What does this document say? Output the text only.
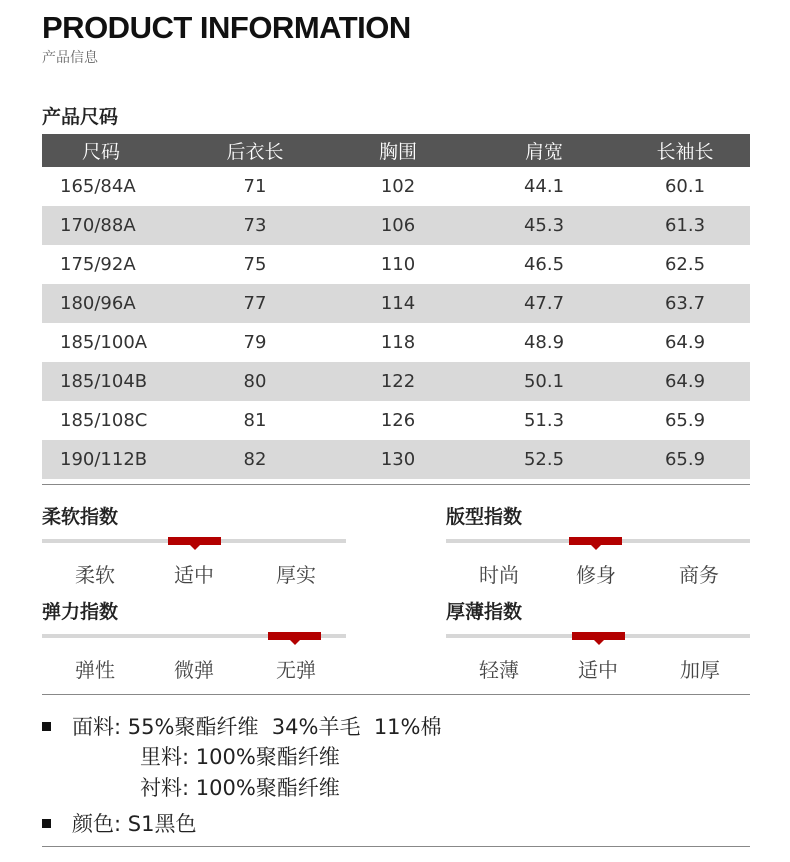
PRODUCT INFORMATION
产品信息
产品尺码
尺码	后衣长	胸围	肩宽	长袖长
165/84A	71	102	44.1	60.1
170/88A	73	106	45.3	61.3
175/92A	75	110	46.5	62.5
180/96A	77	114	47.7	63.7
185/100A	79	118	48.9	64.9
185/104B	80	122	50.1	64.9
185/108C	81	126	51.3	65.9
190/112B	82	130	52.5	65.9
柔软指数
柔软	适中	厚实
版型指数
时尚	修身	商务
弹力指数
弹性	微弹	无弹
厚薄指数
轻薄	适中	加厚
面料: 55%聚酯纤维  34%羊毛  11%棉
里料: 100%聚酯纤维
衬料: 100%聚酯纤维
颜色: S1黑色
